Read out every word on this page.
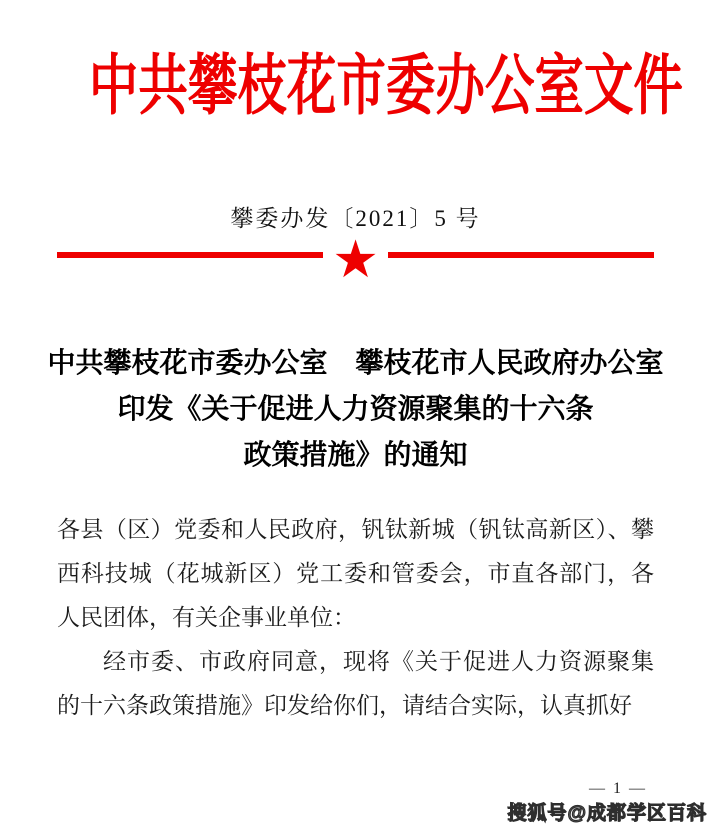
中共攀枝花市委办公室文件
攀委办发〔2021〕5 号
★
中共攀枝花市委办公室　攀枝花市人民政府办公室
印发《关于促进人力资源聚集的十六条
政策措施》的通知

各县（区）党委和人民政府，钒钛新城（钒钛高新区）、攀西科技城（花城新区）党工委和管委会，市直各部门，各人民团体，有关企事业单位：

经市委、市政府同意，现将《关于促进人力资源聚集的十六条政策措施》印发给你们，请结合实际，认真抓好

— 1 —
搜狐号@成都学区百科
